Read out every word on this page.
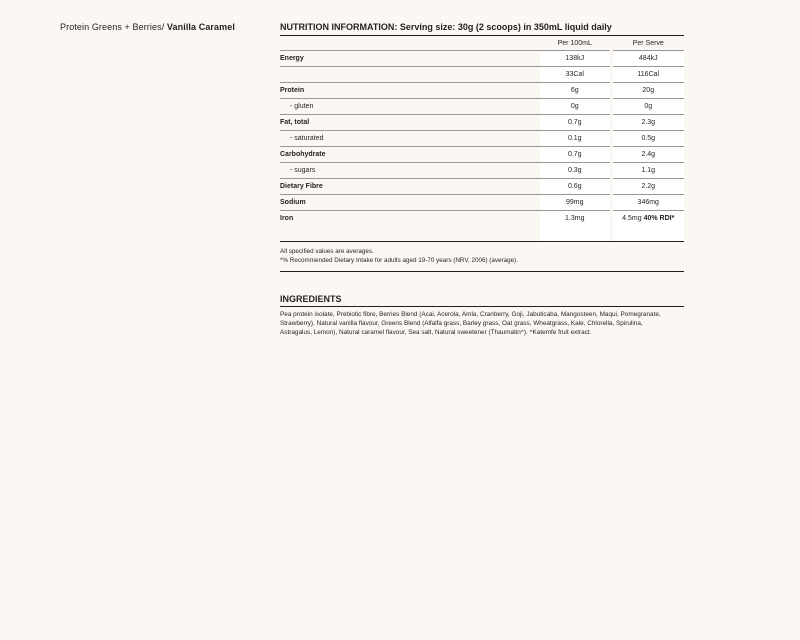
Protein Greens + Berries/ Vanilla Caramel	NUTRITION INFORMATION: Serving size: 30g (2 scoops) in 350mL liquid daily
	Per 100mL	Per Serve
Energy	138kJ	484kJ
	33Cal	116Cal
Protein	6g	20g
- gluten	0g	0g
Fat, total	0.7g	2.3g
- saturated	0.1g	0.5g
Carbohydrate	0.7g	2.4g
- sugars	0.3g	1.1g
Dietary Fibre	0.6g	2.2g
Sodium	99mg	346mg
Iron	1.3mg	4.5mg 40% RDI*

All specified values are averages.
*% Recommended Dietary Intake for adults aged 19-70 years (NRV, 2006) (average).
INGREDIENTS
Pea protein isolate, Prebiotic fibre, Berries Blend (Acai, Acerola, Amla, Cranberry, Goji, Jabuticaba, Mangosteen, Maqui, Pomegranate, Strawberry), Natural vanilla flavour, Greens Blend (Alfalfa grass, Barley grass, Oat grass, Wheatgrass, Kale, Chlorella, Spirulina, Astragalus, Lemon), Natural caramel flavour, Sea salt, Natural sweetener (Thaumatin^). ^Katemfe fruit extract.
